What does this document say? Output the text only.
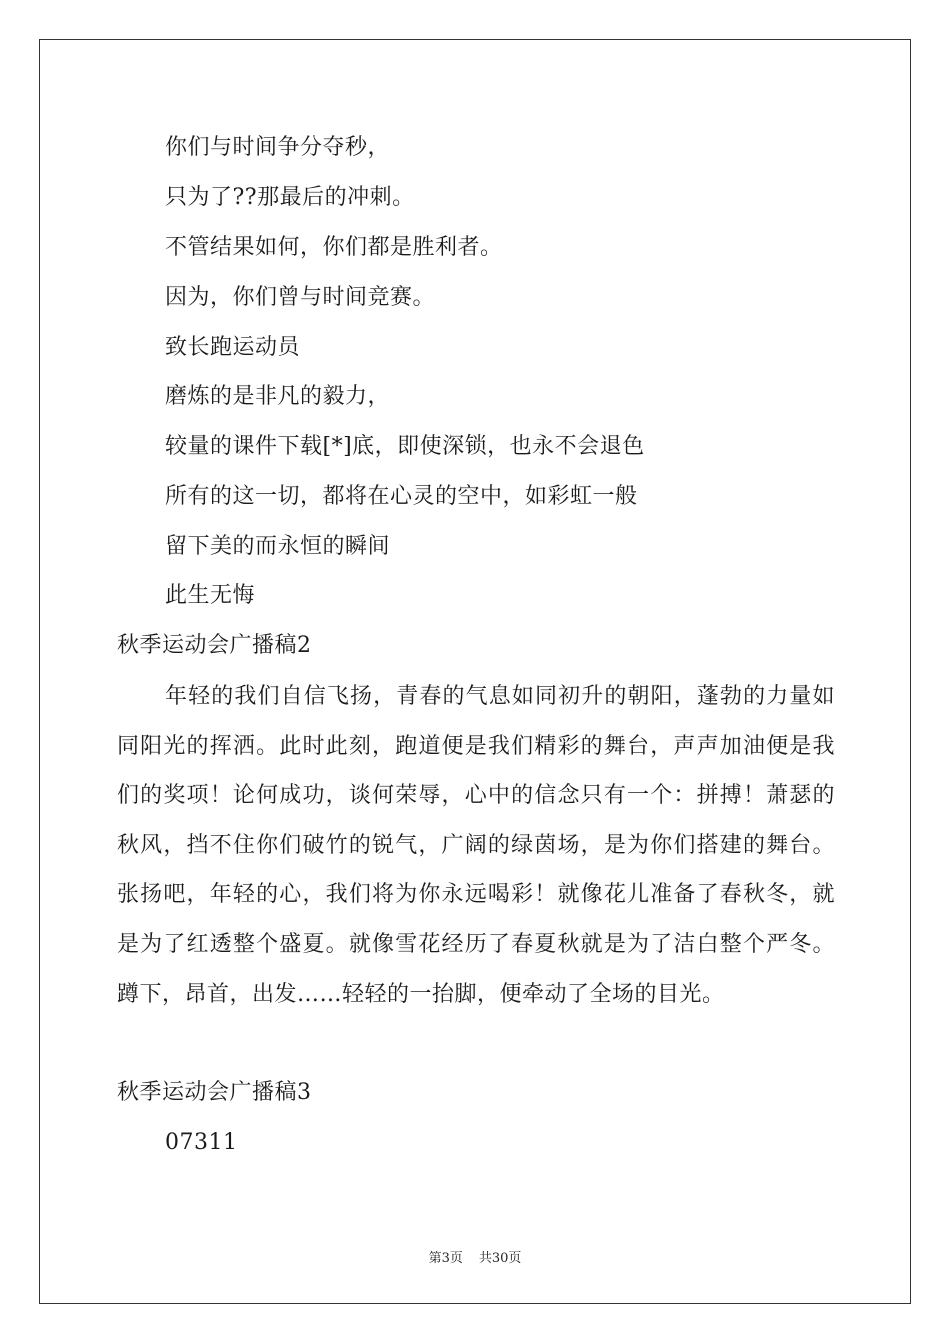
你们与时间争分夺秒，
只为了??那最后的冲刺。
不管结果如何，你们都是胜利者。
因为，你们曾与时间竞赛。
致长跑运动员
磨炼的是非凡的毅力，
较量的课件下载[*]底，即使深锁，也永不会退色
所有的这一切，都将在心灵的空中，如彩虹一般
留下美的而永恒的瞬间
此生无悔
秋季运动会广播稿2
年轻的我们自信飞扬，青春的气息如同初升的朝阳，蓬勃的力量如同阳光的挥洒。此时此刻，跑道便是我们精彩的舞台，声声加油便是我们的奖项！论何成功，谈何荣辱，心中的信念只有一个：拼搏！萧瑟的秋风，挡不住你们破竹的锐气，广阔的绿茵场，是为你们搭建的舞台。张扬吧，年轻的心，我们将为你永远喝彩！就像花儿准备了春秋冬，就是为了红透整个盛夏。就像雪花经历了春夏秋就是为了洁白整个严冬。蹲下，昂首，出发……轻轻的一抬脚，便牵动了全场的目光。
秋季运动会广播稿3
07311
第3页 共30页
